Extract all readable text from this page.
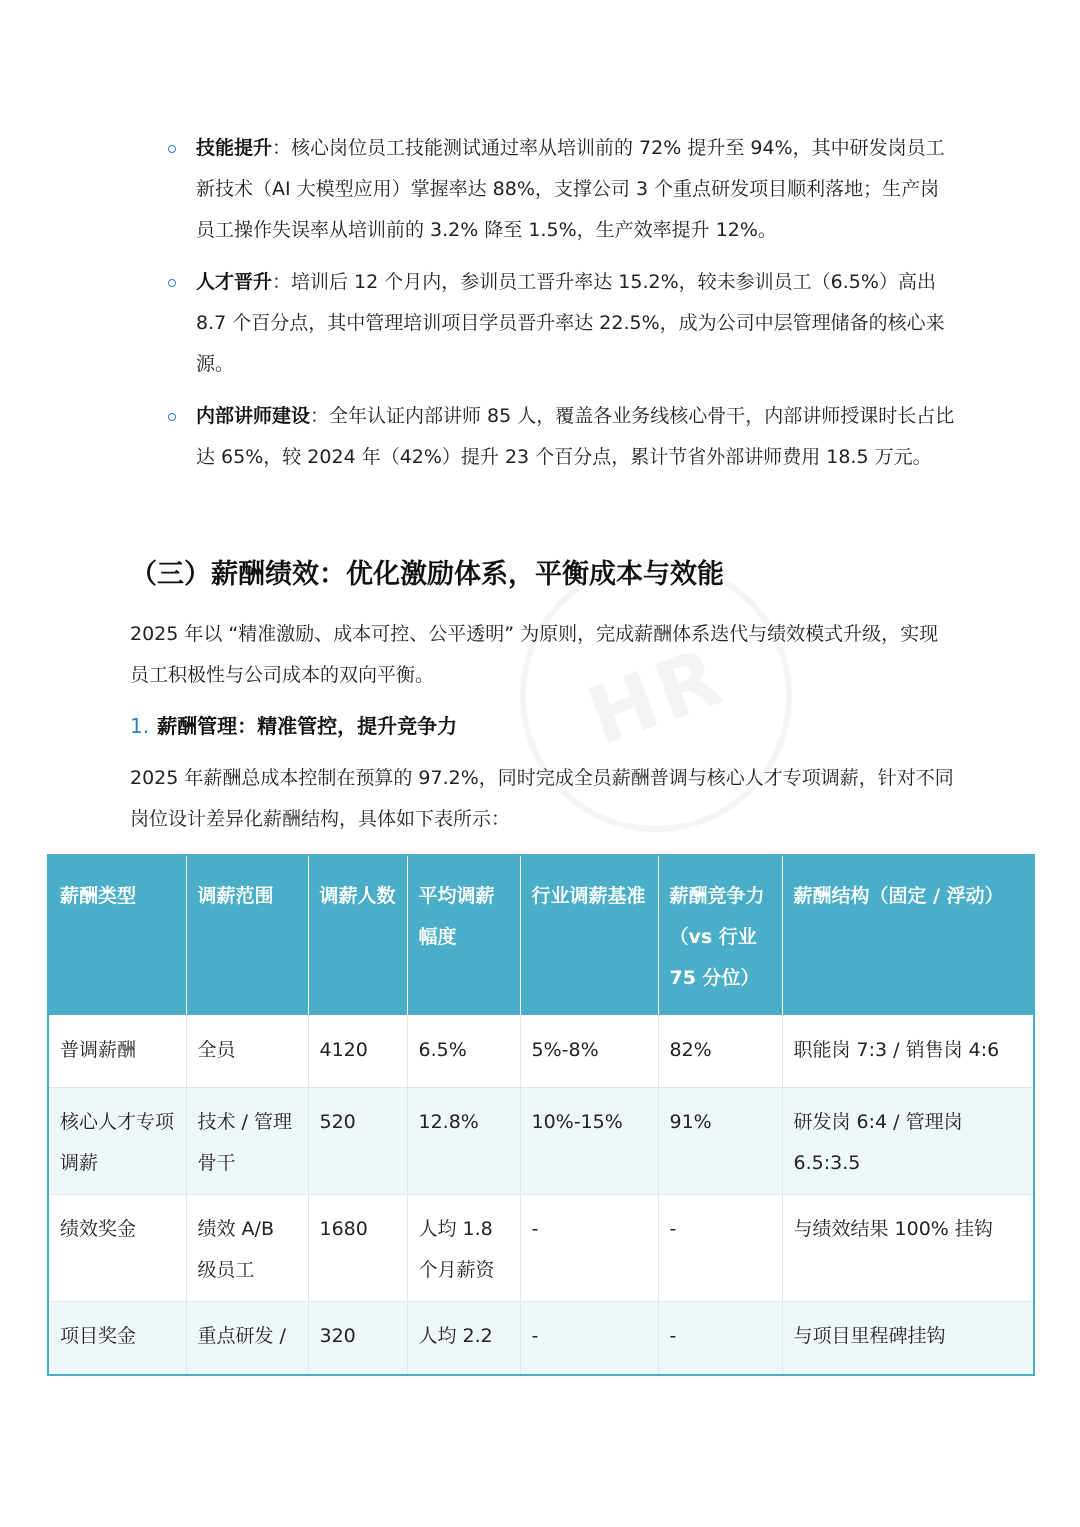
HR
技能提升：核心岗位员工技能测试通过率从培训前的 72% 提升至 94%，其中研发岗员工新技术（AI 大模型应用）掌握率达 88%，支撑公司 3 个重点研发项目顺利落地；生产岗员工操作失误率从培训前的 3.2% 降至 1.5%，生产效率提升 12%。
人才晋升：培训后 12 个月内，参训员工晋升率达 15.2%，较未参训员工（6.5%）高出 8.7 个百分点，其中管理培训项目学员晋升率达 22.5%，成为公司中层管理储备的核心来源。
内部讲师建设：全年认证内部讲师 85 人，覆盖各业务线核心骨干，内部讲师授课时长占比达 65%，较 2024 年（42%）提升 23 个百分点，累计节省外部讲师费用 18.5 万元。
（三）薪酬绩效：优化激励体系，平衡成本与效能
2025 年以 “精准激励、成本可控、公平透明” 为原则，完成薪酬体系迭代与绩效模式升级，实现员工积极性与公司成本的双向平衡。
1. 薪酬管理：精准管控，提升竞争力
2025 年薪酬总成本控制在预算的 97.2%，同时完成全员薪酬普调与核心人才专项调薪，针对不同岗位设计差异化薪酬结构，具体如下表所示：
薪酬类型	调薪范围	调薪人数	平均调薪幅度	行业调薪基准	薪酬竞争力（vs 行业 75 分位）	薪酬结构（固定 / 浮动）
普调薪酬	全员	4120	6.5%	5%-8%	82%	职能岗 7:3 / 销售岗 4:6
核心人才专项调薪	技术 / 管理骨干	520	12.8%	10%-15%	91%	研发岗 6:4 / 管理岗 6.5:3.5
绩效奖金	绩效 A/B 级员工	1680	人均 1.8 个月薪资	-	-	与绩效结果 100% 挂钩
项目奖金	重点研发 /	320	人均 2.2	-	-	与项目里程碑挂钩
